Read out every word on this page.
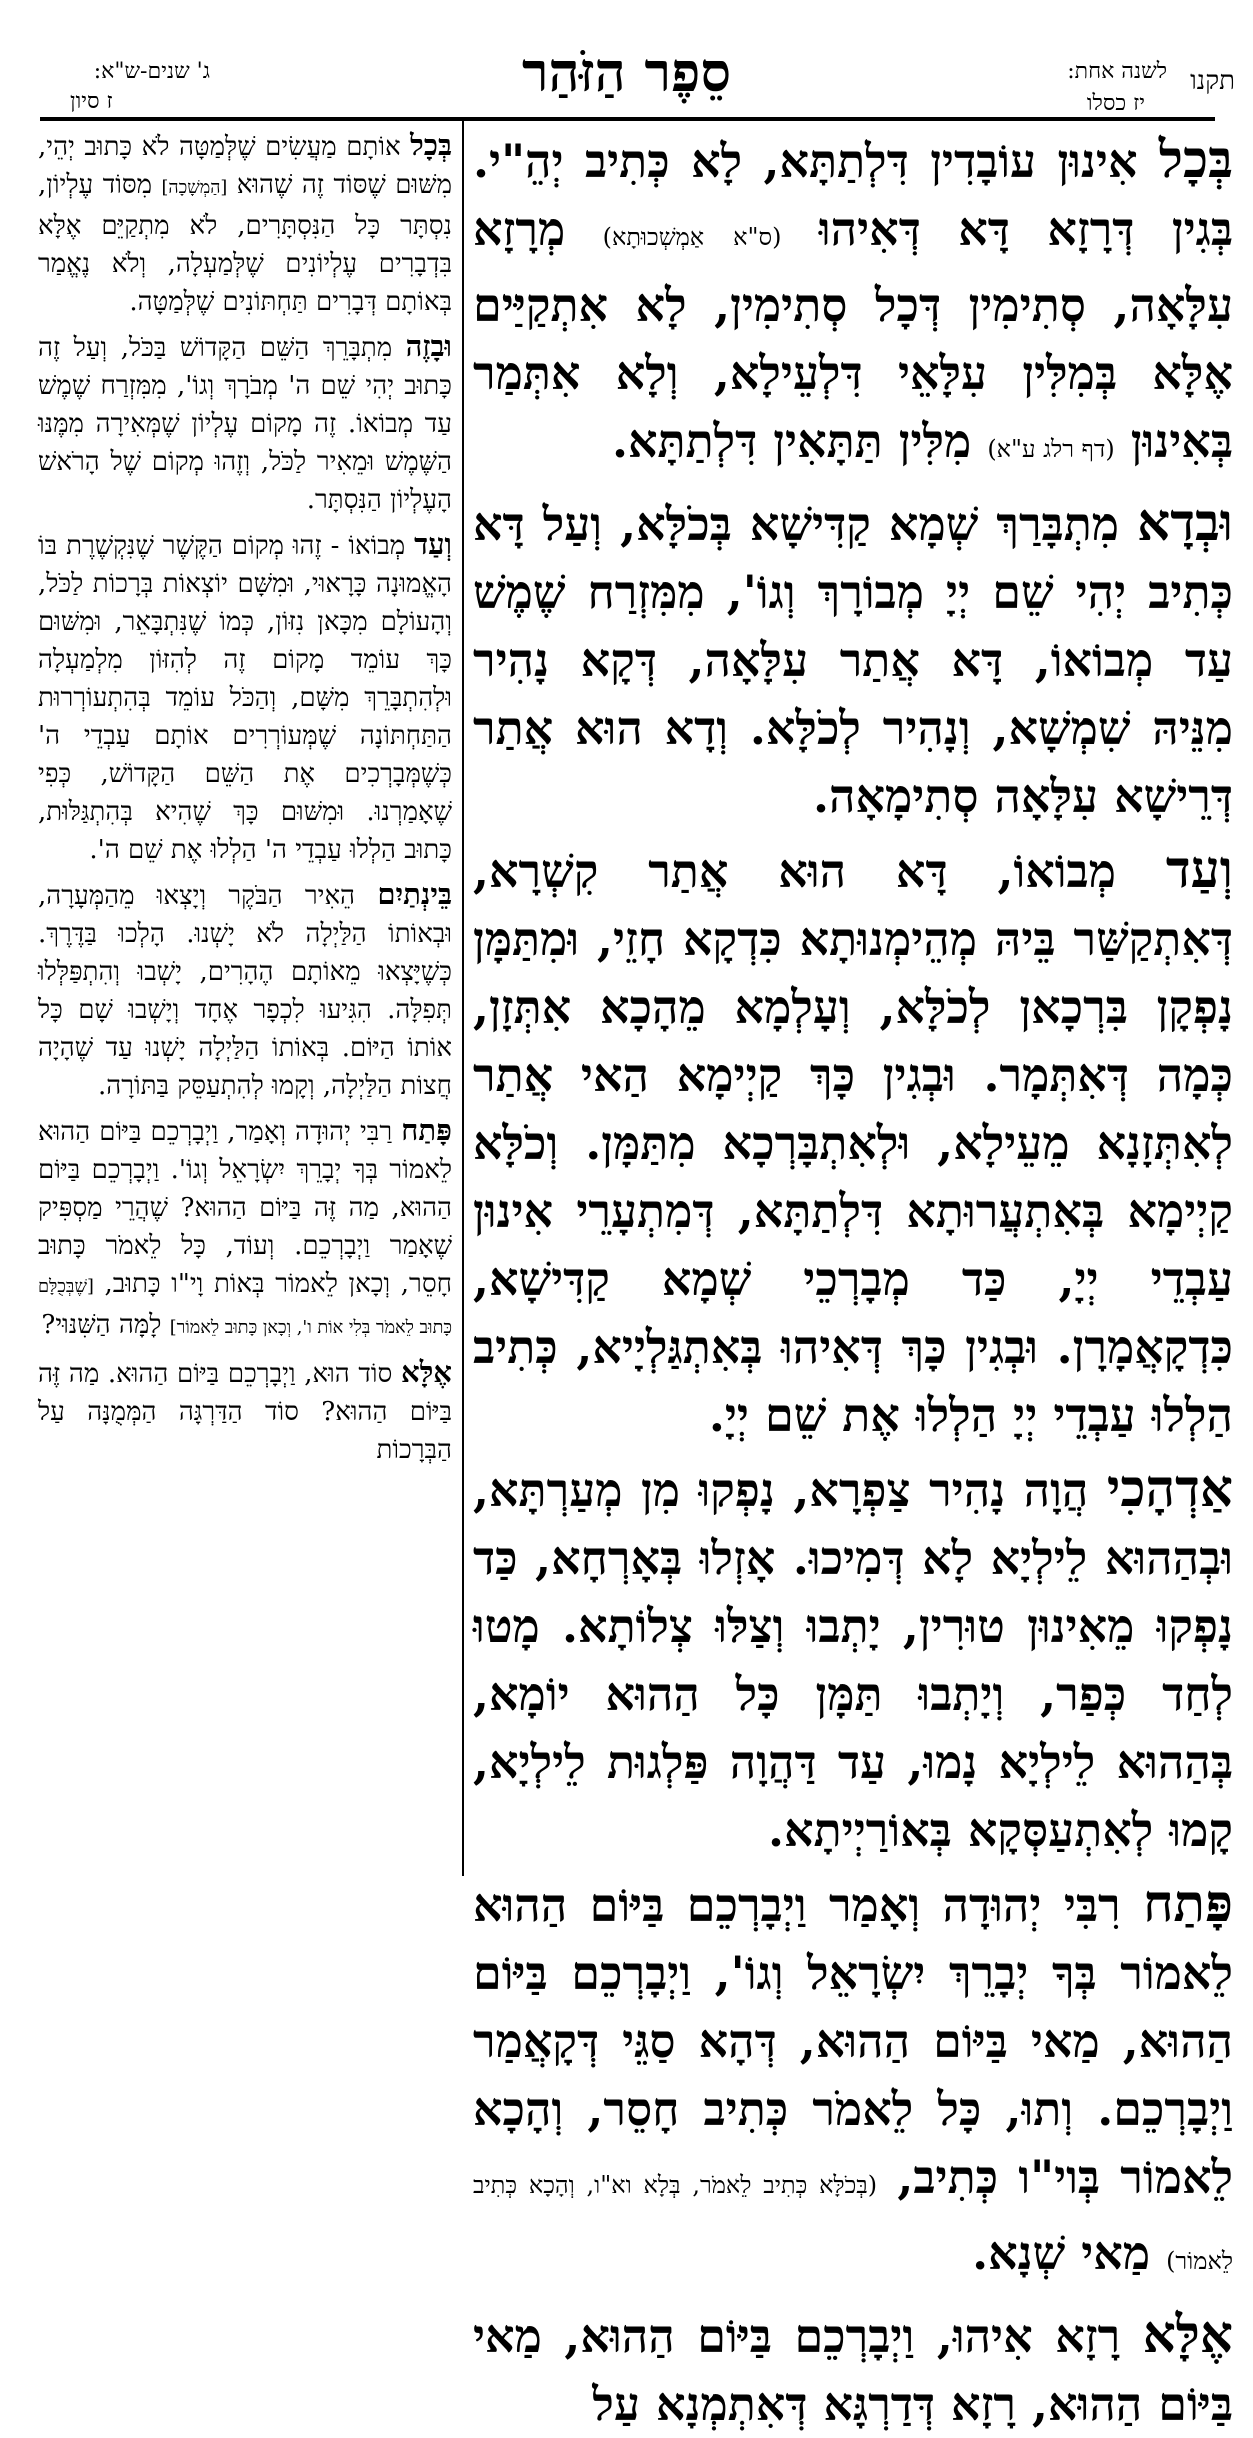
תקנו
לשנה אחת:
יז כסלו
סֵפֶר הַזֹּהַר
ג' שנים-ש"א:
ז סיון

בְּכָל אִינוּן עוֹבָדִין דִּלְתַתָּא, לָא כְּתִיב יְהֵ"י. בְּגִין דְּרָזָא דָּא דְּאִיהוּ (ס"א אַמְשְׁכוּתָא) מְרָזָא עִלָּאָה, סְתִימִין דְּכָל סְתִימִין, לָא אִתְקַיַּים אֶלָּא בְּמִלִּין עִלָּאֵי דִּלְעֵילָא, וְלָא אִתְּמַר בְּאִינוּן (דף רלג ע"א) מִלִּין תַּתָּאִין דִּלְתַתָּא.

וּבְדָא מִתְבָּרַךְ שְׁמָא קַדִּישָׁא בְּכֹלָּא, וְעַל דָּא כְּתִיב יְהִי שֵׁם יְיָ מְבוֹרָךְ וְגוֹ', מִמִּזְרַח שֶׁמֶשׁ עַד מְבוֹאוֹ, דָּא אֲתַר עִלָּאָה, דְּקָא נָהִיר מִנֵּיהּ שִׁמְשָׁא, וְנָהִיר לְכֹלָּא. וְדָא הוּא אֲתַר דְּרֵישָׁא עִלָּאָה סְתִימָאָה.

וְעַד מְבוֹאוֹ, דָּא הוּא אֲתַר קִשְׁרָא, דְּאִתְקַשַּׁר בֵּיהּ מְהֵימְנוּתָא כִּדְקָא חָזֵי, וּמִתַּמָּן נָפְקָן בִּרְכָאן לְכֹלָּא, וְעָלְמָא מֵהָכָא אִתְּזָן, כְּמָה דְּאִתְּמָר. וּבְגִין כָּךְ קַיְימָא הַאי אֲתַר לְאִתְּזָנָא מֵעֵילָא, וּלְאִתְבָּרְכָא מִתַּמָּן. וְכֹלָּא קַיְימָא בְּאִתְעֲרוּתָא דִּלְתַתָּא, דְּמִתְעָרֵי אִינוּן עַבְדֵי יְיָ, כַּד מְבָרְכֵי שְׁמָא קַדִּישָׁא, כִּדְקָאֲמָרָן. וּבְגִין כָּךְ דְּאִיהוּ בְּאִתְגַּלְיָיא, כְּתִיב הַלְלוּ עַבְדֵי יְיָ הַלְלוּ אֶת שֵׁם יְיָ.

אַדְהָכִי הֲוָה נָהִיר צַפְרָא, נָפְקוּ מִן מְעַרְתָּא, וּבְהַהוּא לֵילְיָא לָא דְּמִיכוּ. אָזְלוּ בְּאָרְחָא, כַּד נָפְקוּ מֵאִינוּן טוּרִין, יָתְבוּ וְצַלּוּ צְלוֹתָא. מָטוּ לְחַד כְּפַר, וְיָתְבוּ תַּמָּן כָּל הַהוּא יוֹמָא, בְּהַהוּא לֵילְיָא נָמוּ, עַד דַּהֲוָה פַּלְגוּת לֵילְיָא, קָמוּ לְאִתְעַסְּקָא בְּאוֹרַיְיתָא.

פָּתַח רִבִּי יְהוּדָה וְאָמַר וַיְבָרְכֵם בַּיּוֹם הַהוּא לֵאמוֹר בְּךָ יְבָרֵךְ יִשְׂרָאֵל וְגוֹ', וַיְבָרְכֵם בַּיּוֹם הַהוּא, מַאי בַּיּוֹם הַהוּא, דְּהָא סַגֵּי דְּקָאֲמַר וַיְבָרְכֵם. וְתוּ, כָּל לֵאמֹר כְּתִיב חָסֵר, וְהָכָא לֵאמוֹר בְּוי"ו כְּתִיב, (בְּכֹלָּא כְּתִיב לֵאמֹר, בְּלָא וא"ו, וְהָכָא כְּתִיב לֵאמוֹר) מַאי שְׁנָא.

אֶלָּא רָזָא אִיהוּ, וַיְבָרְכֵם בַּיּוֹם הַהוּא, מַאי בַּיּוֹם הַהוּא, רָזָא דְּדַרְגָּא דְּאִתְמְנָא עַל

בְּכָל אוֹתָם מַעֲשִׂים שֶׁלְּמַטָּה לֹא כָּתוּב יְהֵי, מִשּׁוּם שֶׁסּוֹד זֶה שֶׁהוּא [הַמְשָׁכָה] מִסּוֹד עֶלְיוֹן, נִסְתָּר כָּל הַנִּסְתָּרִים, לֹא מִתְקַיֵּם אֶלָּא בִּדְבָרִים עֶלְיוֹנִים שֶׁלְּמַעְלָה, וְלֹא נֶאֱמַר בְּאוֹתָם דְּבָרִים תַּחְתּוֹנִים שֶׁלְּמַטָּה.

וּבָזֶה מִתְבָּרֵךְ הַשֵּׁם הַקָּדוֹשׁ בַּכֹּל, וְעַל זֶה כָּתוּב יְהִי שֵׁם ה' מְבֹרָךְ וְגוֹ', מִמִּזְרַח שֶׁמֶשׁ עַד מְבוֹאוֹ. זֶה מָקוֹם עֶלְיוֹן שֶׁמְּאִירָה מִמֶּנּוּ הַשֶּׁמֶשׁ וּמֵאִיר לַכֹּל, וְזֶהוּ מְקוֹם שֶׁל הָרֹאשׁ הָעֶלְיוֹן הַנִּסְתָּר.

וְעַד מְבוֹאוֹ - זֶהוּ מְקוֹם הַקֶּשֶׁר שֶׁנִּקְשֶׁרֶת בּוֹ הָאֱמוּנָה כָּרָאוּי, וּמִשָּׁם יוֹצְאוֹת בְּרָכוֹת לַכֹּל, וְהָעוֹלָם מִכָּאן נִזּוֹן, כְּמוֹ שֶׁנִּתְבָּאֵר, וּמִשּׁוּם כָּךְ עוֹמֵד מָקוֹם זֶה לְהִזּוֹן מִלְמַעְלָה וּלְהִתְבָּרֵךְ מִשָּׁם, וְהַכֹּל עוֹמֵד בְּהִתְעוֹרְרוּת הַתַּחְתּוֹנָה שֶׁמְּעוֹרְרִים אוֹתָם עַבְדֵי ה' כְּשֶׁמְּבָרְכִים אֶת הַשֵּׁם הַקָּדוֹשׁ, כְּפִי שֶׁאָמַרְנוּ. וּמִשּׁוּם כָּךְ שֶׁהִיא בְּהִתְגַּלּוּת, כָּתוּב הַלְלוּ עַבְדֵי ה' הַלְלוּ אֶת שֵׁם ה'.

בֵּינְתַיִם הֵאִיר הַבֹּקֶר וְיָצְאוּ מֵהַמְּעָרָה, וּבְאוֹתוֹ הַלַּיְלָה לֹא יָשְׁנוּ. הָלְכוּ בַּדֶּרֶךְ. כְּשֶׁיָּצְאוּ מֵאוֹתָם הֶהָרִים, יָשְׁבוּ וְהִתְפַּלְּלוּ תְּפִלָּה. הִגִּיעוּ לִכְפָר אֶחָד וְיָשְׁבוּ שָׁם כָּל אוֹתוֹ הַיּוֹם. בְּאוֹתוֹ הַלַּיְלָה יָשְׁנוּ עַד שֶׁהָיָה חֲצוֹת הַלַּיְלָה, וְקָמוּ לְהִתְעַסֵּק בַּתּוֹרָה.

פָּתַח רַבִּי יְהוּדָה וְאָמַר, וַיְבָרְכֵם בַּיּוֹם הַהוּא לֵאמוֹר בְּךָ יְבָרֵךְ יִשְׂרָאֵל וְגוֹ'. וַיְבָרְכֵם בַּיּוֹם הַהוּא, מַה זֶּה בַּיּוֹם הַהוּא? שֶׁהֲרֵי מַסְפִּיק שֶׁאָמַר וַיְבָרְכֵם. וְעוֹד, כָּל לֵאמֹר כָּתוּב חָסֵר, וְכָאן לֵאמוֹר בְּאוֹת וָי"ו כָּתוּב, [שֶׁבְּכֻלָּם כָּתוּב לֵאמֹר בְּלִי אוֹת ו', וְכָאן כָּתוּב לֵאמוֹר] לָמָּה הַשִּׁנּוּי?

אֶלָּא סוֹד הוּא, וַיְבָרְכֵם בַּיּוֹם הַהוּא. מַה זֶּה בַּיּוֹם הַהוּא? סוֹד הַדַּרְגָּה הַמְּמֻנָּה עַל הַבְּרָכוֹת
